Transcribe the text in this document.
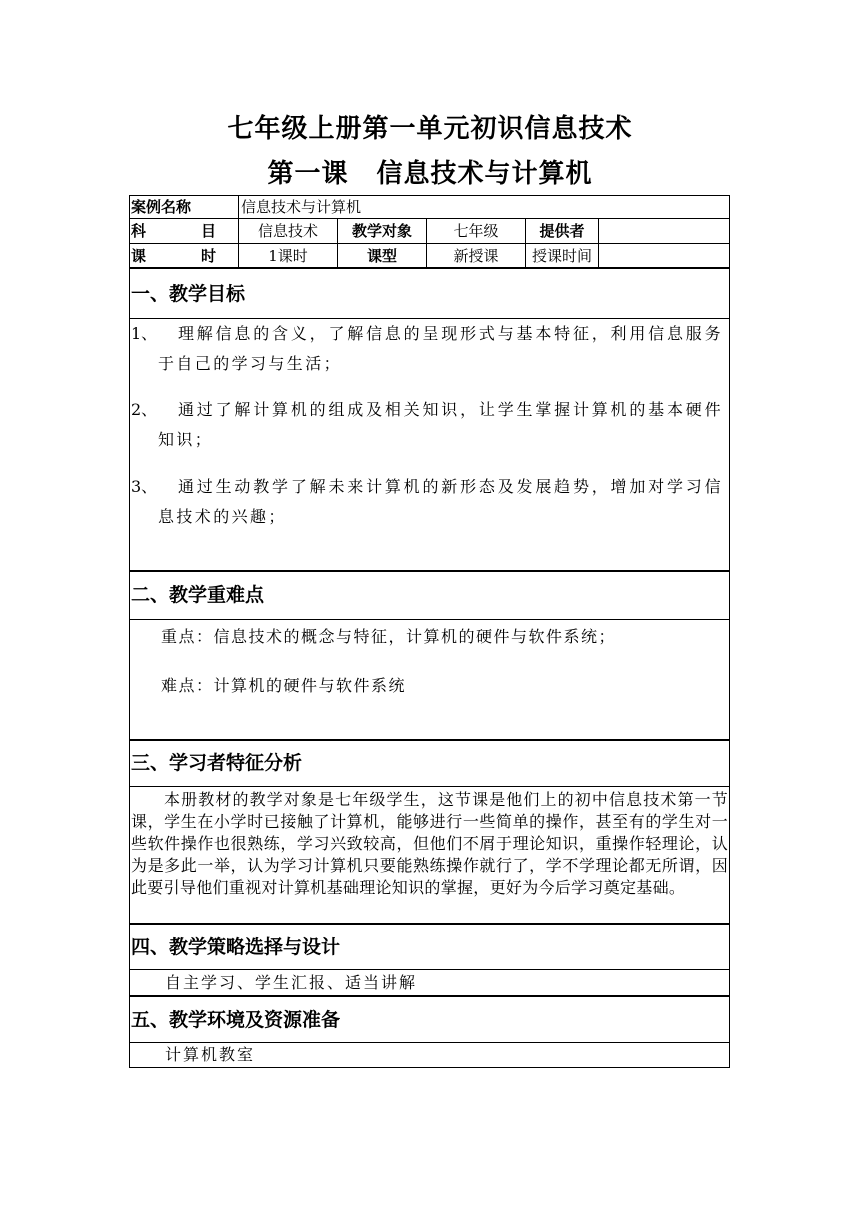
七年级上册第一单元初识信息技术
第一课 信息技术与计算机
案例名称	信息技术与计算机
科	目	信息技术	教学对象	七年级	提供者
课	时	1课时	课型	新授课	授课时间
一、教学目标
1、	理解信息的含义，了解信息的呈现形式与基本特征，利用信息服务于自己的学习与生活；
2、	通过了解计算机的组成及相关知识，让学生掌握计算机的基本硬件知识；
3、	通过生动教学了解未来计算机的新形态及发展趋势，增加对学习信息技术的兴趣；
二、教学重难点
重点：信息技术的概念与特征，计算机的硬件与软件系统；
难点：计算机的硬件与软件系统
三、学习者特征分析
本册教材的教学对象是七年级学生，这节课是他们上的初中信息技术第一节课，学生在小学时已接触了计算机，能够进行一些简单的操作，甚至有的学生对一些软件操作也很熟练，学习兴致较高，但他们不屑于理论知识，重操作轻理论，认为是多此一举，认为学习计算机只要能熟练操作就行了，学不学理论都无所谓，因此要引导他们重视对计算机基础理论知识的掌握，更好为今后学习奠定基础。
四、教学策略选择与设计
自主学习、学生汇报、适当讲解
五、教学环境及资源准备
计算机教室
